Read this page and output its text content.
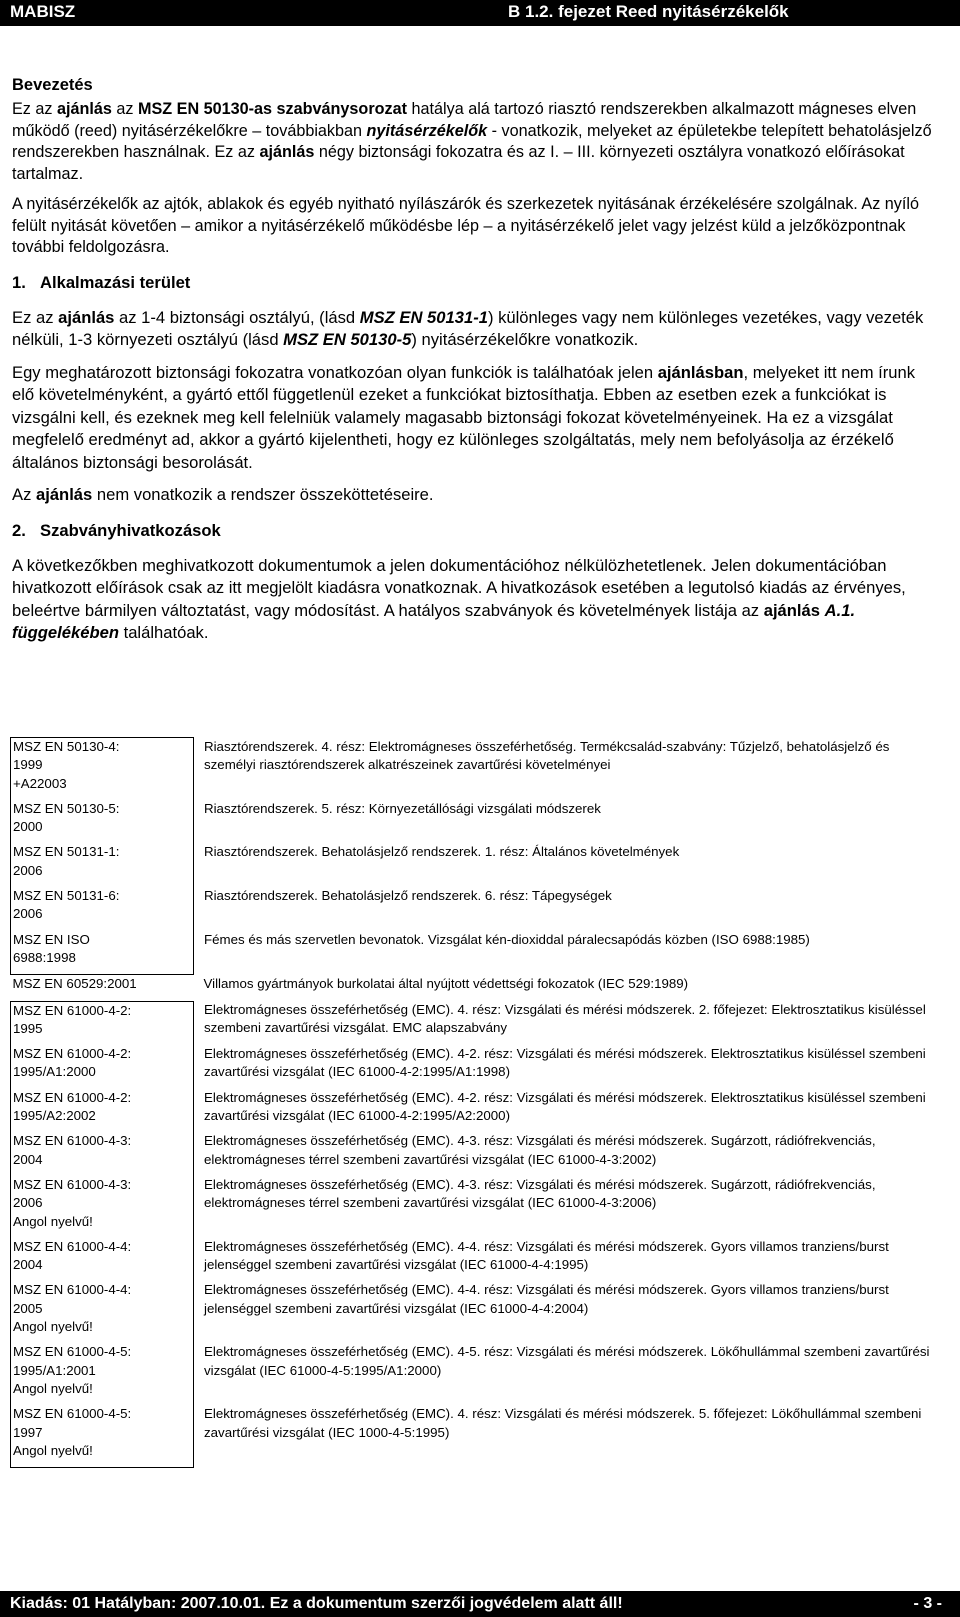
MABISZ	B 1.2. fejezet Reed nyitásérzékelők
Bevezetés

Ez az ajánlás az MSZ EN 50130-as szabványsorozat hatálya alá tartozó riasztó rendszerekben alkalmazott mágneses elven működő (reed) nyitásérzékelőkre – továbbiakban nyitásérzékelők - vonatkozik, melyeket az épületekbe telepített behatolásjelző rendszerekben használnak. Ez az ajánlás négy biztonsági fokozatra és az I. – III. környezeti osztályra vonatkozó előírásokat tartalmaz.

A nyitásérzékelők az ajtók, ablakok és egyéb nyitható nyílászárók és szerkezetek nyitásának érzékelésére szolgálnak. Az nyíló felült nyitását követően – amikor a nyitásérzékelő működésbe lép – a nyitásérzékelő jelet vagy jelzést küld a jelzőközpontnak további feldolgozásra.

1. Alkalmazási terület

Ez az ajánlás az 1-4 biztonsági osztályú, (lásd MSZ EN 50131-1) különleges vagy nem különleges vezetékes, vagy vezeték nélküli, 1-3 környezeti osztályú (lásd MSZ EN 50130-5) nyitásérzékelőkre vonatkozik.

Egy meghatározott biztonsági fokozatra vonatkozóan olyan funkciók is találhatóak jelen ajánlásban, melyeket itt nem írunk elő követelményként, a gyártó ettől függetlenül ezeket a funkciókat biztosíthatja. Ebben az esetben ezek a funkciókat is vizsgálni kell, és ezeknek meg kell felelniük valamely magasabb biztonsági fokozat követelményeinek. Ha ez a vizsgálat megfelelő eredményt ad, akkor a gyártó kijelentheti, hogy ez különleges szolgáltatás, mely nem befolyásolja az érzékelő általános biztonsági besorolását.

Az ajánlás nem vonatkozik a rendszer összeköttetéseire.

2. Szabványhivatkozások

A következőkben meghivatkozott dokumentumok a jelen dokumentációhoz nélkülözhetetlenek. Jelen dokumentációban hivatkozott előírások csak az itt megjelölt kiadásra vonatkoznak. A hivatkozások esetében a legutolsó kiadás az érvényes, beleértve bármilyen változtatást, vagy módosítást. A hatályos szabványok és követelmények listája az ajánlás A.1. függelékében találhatóak.

MSZ EN 50130-4:
1999
+A22003	Riasztórendszerek. 4. rész: Elektromágneses összeférhetőség. Termékcsalád-szabvány: Tűzjelző, behatolásjelző és személyi riasztórendszerek alkatrészeinek zavartűrési követelményei

MSZ EN 50130-5:
2000	Riasztórendszerek. 5. rész: Környezetállósági vizsgálati módszerek

MSZ EN 50131-1:
2006	Riasztórendszerek. Behatolásjelző rendszerek. 1. rész: Általános követelmények

MSZ EN 50131-6:
2006	Riasztórendszerek. Behatolásjelző rendszerek. 6. rész: Tápegységek

MSZ EN ISO
6988:1998	Fémes és más szervetlen bevonatok. Vizsgálat kén-dioxiddal páralecsapódás közben (ISO 6988:1985)

MSZ EN 60529:2001	Villamos gyártmányok burkolatai által nyújtott védettségi fokozatok (IEC 529:1989)

MSZ EN 61000-4-2:
1995	Elektromágneses összeférhetőség (EMC). 4. rész: Vizsgálati és mérési módszerek. 2. főfejezet: Elektrosztatikus kisüléssel szembeni zavartűrési vizsgálat. EMC alapszabvány

MSZ EN 61000-4-2:
1995/A1:2000	Elektromágneses összeférhetőség (EMC). 4-2. rész: Vizsgálati és mérési módszerek. Elektrosztatikus kisüléssel szembeni zavartűrési vizsgálat (IEC 61000-4-2:1995/A1:1998)

MSZ EN 61000-4-2:
1995/A2:2002	Elektromágneses összeférhetőség (EMC). 4-2. rész: Vizsgálati és mérési módszerek. Elektrosztatikus kisüléssel szembeni zavartűrési vizsgálat (IEC 61000-4-2:1995/A2:2000)

MSZ EN 61000-4-3:
2004	Elektromágneses összeférhetőség (EMC). 4-3. rész: Vizsgálati és mérési módszerek. Sugárzott, rádiófrekvenciás, elektromágneses térrel szembeni zavartűrési vizsgálat (IEC 61000-4-3:2002)

MSZ EN 61000-4-3:
2006
Angol nyelvű!	Elektromágneses összeférhetőség (EMC). 4-3. rész: Vizsgálati és mérési módszerek. Sugárzott, rádiófrekvenciás, elektromágneses térrel szembeni zavartűrési vizsgálat (IEC 61000-4-3:2006)

MSZ EN 61000-4-4:
2004	Elektromágneses összeférhetőség (EMC). 4-4. rész: Vizsgálati és mérési módszerek. Gyors villamos tranziens/burst jelenséggel szembeni zavartűrési vizsgálat (IEC 61000-4-4:1995)

MSZ EN 61000-4-4:
2005
Angol nyelvű!	Elektromágneses összeférhetőség (EMC). 4-4. rész: Vizsgálati és mérési módszerek. Gyors villamos tranziens/burst jelenséggel szembeni zavartűrési vizsgálat (IEC 61000-4-4:2004)

MSZ EN 61000-4-5:
1995/A1:2001
Angol nyelvű!	Elektromágneses összeférhetőség (EMC). 4-5. rész: Vizsgálati és mérési módszerek. Lökőhullámmal szembeni zavartűrési vizsgálat (IEC 61000-4-5:1995/A1:2000)

MSZ EN 61000-4-5:
1997
Angol nyelvű!	Elektromágneses összeférhetőség (EMC). 4. rész: Vizsgálati és mérési módszerek. 5. főfejezet: Lökőhullámmal szembeni zavartűrési vizsgálat (IEC 1000-4-5:1995)
Kiadás: 01 Hatályban: 2007.10.01. Ez a dokumentum szerzői jogvédelem alatt áll!	- 3 -
